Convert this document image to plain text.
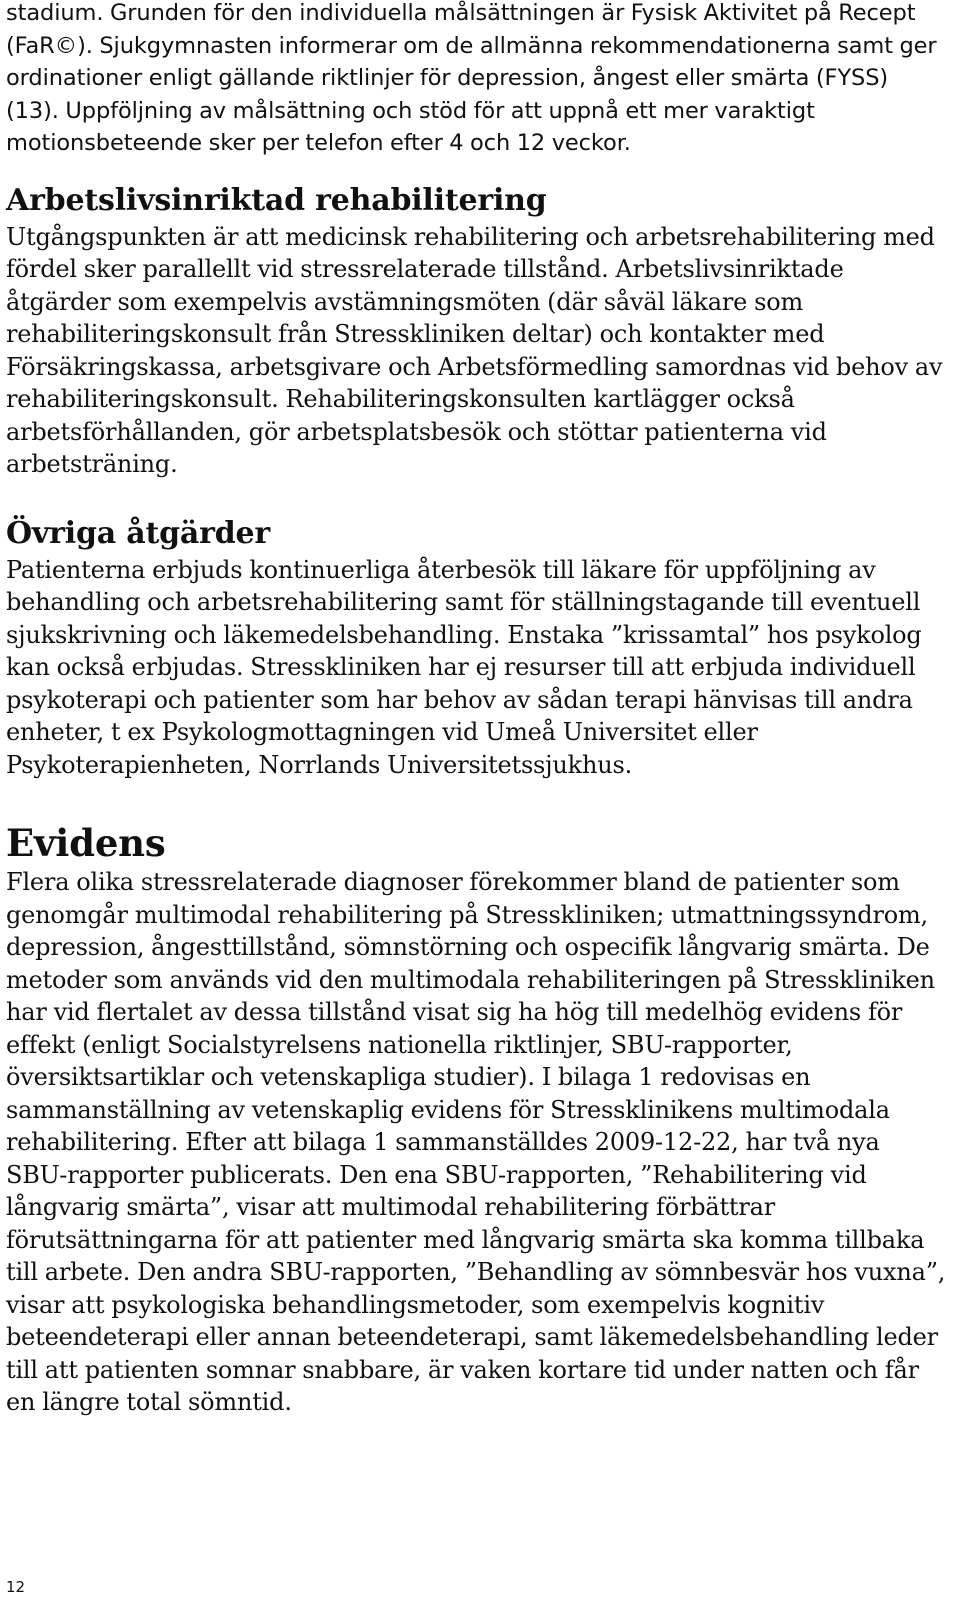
stadium. Grunden för den individuella målsättningen är Fysisk Aktivitet på Recept (FaR©). Sjukgymnasten informerar om de allmänna rekommendationerna samt ger ordinationer enligt gällande riktlinjer för depression, ångest eller smärta (FYSS) (13). Uppföljning av målsättning och stöd för att uppnå ett mer varaktigt motionsbeteende sker per telefon efter 4 och 12 veckor.

Arbetslivsinriktad rehabilitering

Utgångspunkten är att medicinsk rehabilitering och arbetsrehabilitering med fördel sker parallellt vid stressrelaterade tillstånd. Arbetslivsinriktade åtgärder som exempelvis avstämningsmöten (där såväl läkare som rehabiliteringskonsult från Stresskliniken deltar) och kontakter med Försäkringskassa, arbetsgivare och Arbetsförmedling samordnas vid behov av rehabiliteringskonsult. Rehabiliteringskonsulten kartlägger också arbetsförhållanden, gör arbetsplatsbesök och stöttar patienterna vid arbetsträning.

Övriga åtgärder

Patienterna erbjuds kontinuerliga återbesök till läkare för uppföljning av behandling och arbetsrehabilitering samt för ställningstagande till eventuell sjukskrivning och läkemedelsbehandling. Enstaka ”krissamtal” hos psykolog kan också erbjudas. Stresskliniken har ej resurser till att erbjuda individuell psykoterapi och patienter som har behov av sådan terapi hänvisas till andra enheter, t ex Psykologmottagningen vid Umeå Universitet eller Psykoterapienheten, Norrlands Universitetssjukhus.

Evidens

Flera olika stressrelaterade diagnoser förekommer bland de patienter som genomgår multimodal rehabilitering på Stresskliniken; utmattningssyndrom, depression, ångesttillstånd, sömnstörning och ospecifik långvarig smärta. De metoder som används vid den multimodala rehabiliteringen på Stresskliniken har vid flertalet av dessa tillstånd visat sig ha hög till medelhög evidens för effekt (enligt Socialstyrelsens nationella riktlinjer, SBU-rapporter, översiktsartiklar och vetenskapliga studier). I bilaga 1 redovisas en sammanställning av vetenskaplig evidens för Stressklinikens multimodala rehabilitering. Efter att bilaga 1 sammanställdes 2009-12-22, har två nya SBU-rapporter publicerats. Den ena SBU-rapporten, ”Rehabilitering vid långvarig smärta”, visar att multimodal rehabilitering förbättrar förutsättningarna för att patienter med långvarig smärta ska komma tillbaka till arbete. Den andra SBU-rapporten, ”Behandling av sömnbesvär hos vuxna”, visar att psykologiska behandlingsmetoder, som exempelvis kognitiv beteendeterapi eller annan beteendeterapi, samt läkemedelsbehandling leder till att patienten somnar snabbare, är vaken kortare tid under natten och får en längre total sömntid.

12
